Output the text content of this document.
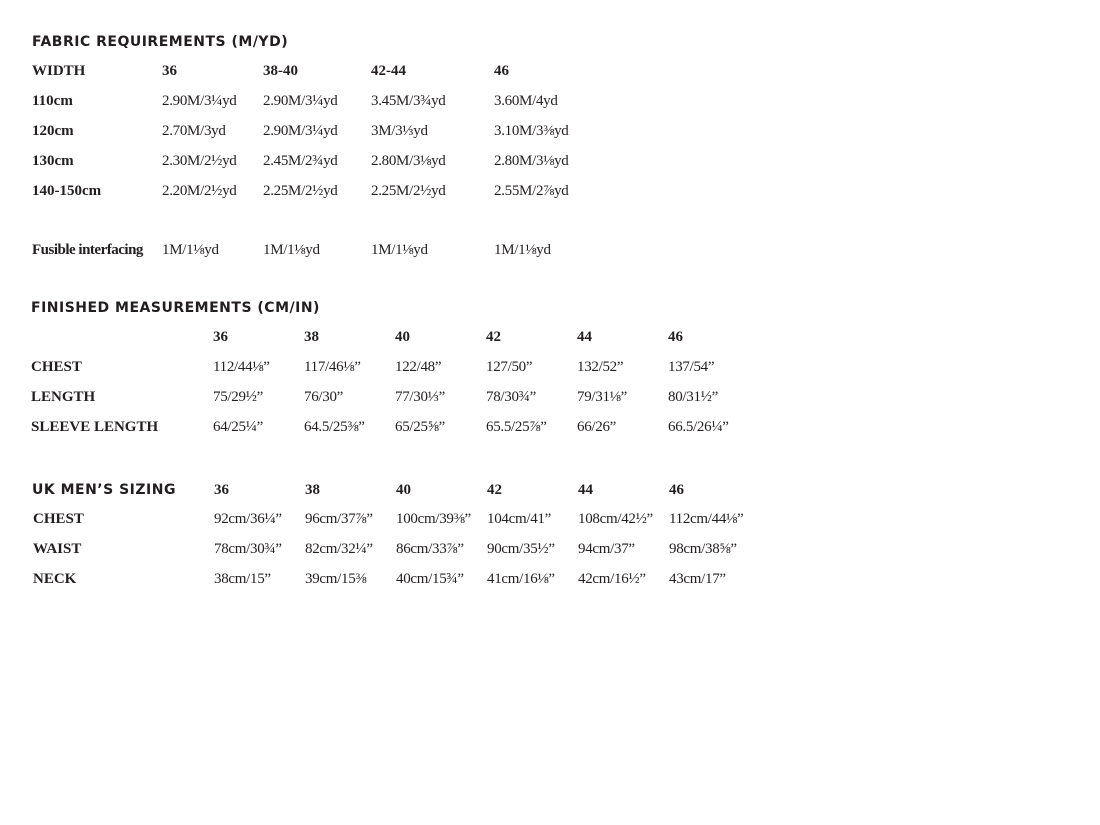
FABRIC REQUIREMENTS (M/YD)
WIDTH	36	38-40	42-44	46
110cm	2.90M/3¼yd 2.90M/3¼yd 3.45M/3¾yd	3.60M/4yd
120cm	2.70M/3yd 2.90M/3¼yd 3M/3⅓yd	3.10M/3⅜yd
130cm	2.30M/2½yd 2.45M/2¾yd 2.80M/3⅛yd	2.80M/3⅛yd
140-150cm	2.20M/2½yd 2.25M/2½yd 2.25M/2½yd	2.55M/2⅞yd
Fusible interfacing 1M/1⅛yd	1M/1⅛yd	1M/1⅛yd	1M/1⅛yd
FINISHED MEASUREMENTS (CM/IN)
36	38	40	42	44	46
CHEST	112/44⅛” 117/46⅛” 122/48”	127/50”	132/52”	137/54”
LENGTH	75/29½”	76/30”	77/30⅓”	78/30¾”	79/31⅛”	80/31½”
SLEEVE LENGTH	64/25¼”	64.5/25⅜” 65/25⅝”	65.5/25⅞” 66/26”	66.5/26¼”
UK MEN’S SIZING	36	38	40	42	44	46
CHEST	92cm/36¼” 96cm/37⅞” 100cm/39⅜” 104cm/41” 108cm/42½” 112cm/44⅛”
WAIST	78cm/30¾” 82cm/32¼” 86cm/33⅞” 90cm/35½” 94cm/37” 98cm/38⅝”
NECK	38cm/15” 39cm/15⅜ 40cm/15¾” 41cm/16⅛” 42cm/16½” 43cm/17”
